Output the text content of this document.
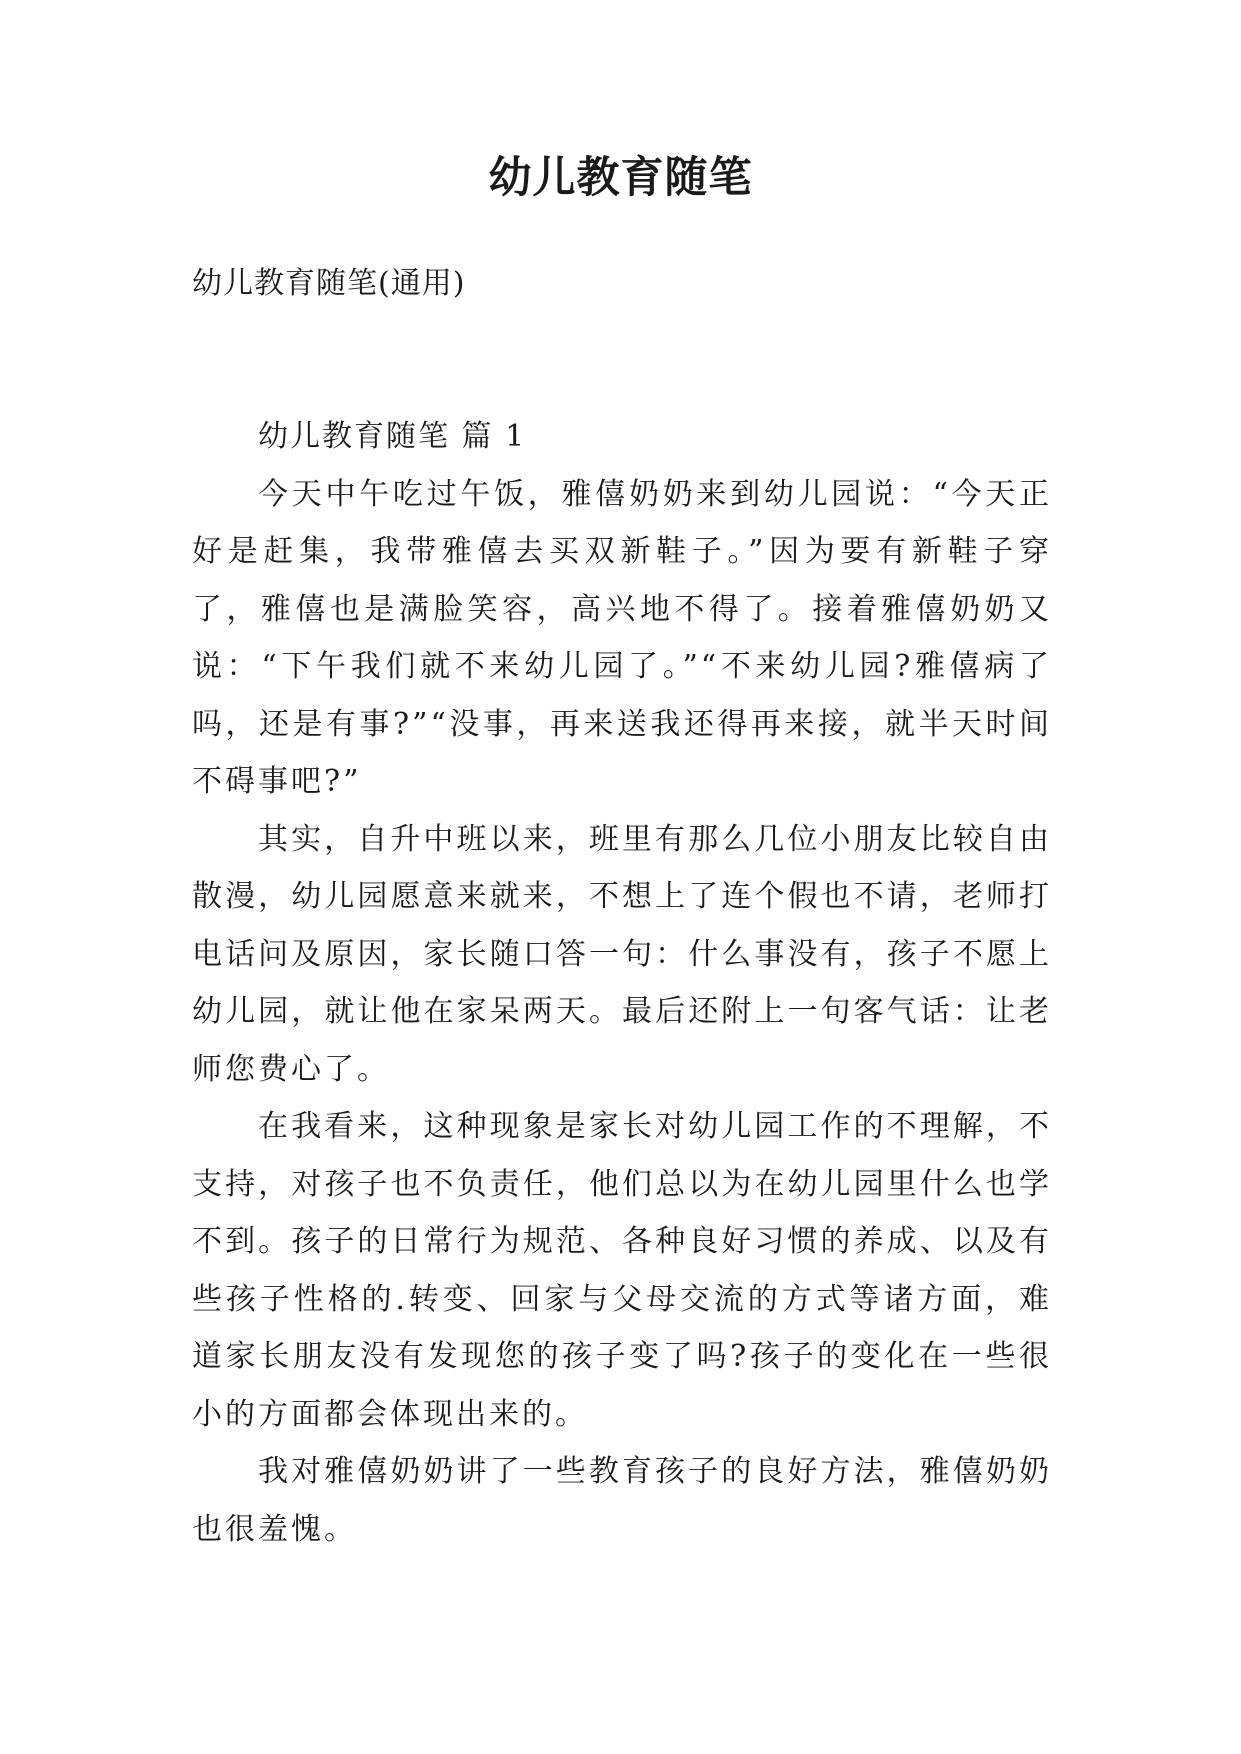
幼儿教育随笔
幼儿教育随笔(通用)
幼儿教育随笔 篇 1

今天中午吃过午饭，雅僖奶奶来到幼儿园说：“今天正好是赶集，我带雅僖去买双新鞋子。”因为要有新鞋子穿了，雅僖也是满脸笑容，高兴地不得了。接着雅僖奶奶又说：“下午我们就不来幼儿园了。”“不来幼儿园?雅僖病了吗，还是有事?”“没事，再来送我还得再来接，就半天时间不碍事吧?”

其实，自升中班以来，班里有那么几位小朋友比较自由散漫，幼儿园愿意来就来，不想上了连个假也不请，老师打电话问及原因，家长随口答一句：什么事没有，孩子不愿上幼儿园，就让他在家呆两天。最后还附上一句客气话：让老师您费心了。

在我看来，这种现象是家长对幼儿园工作的不理解，不支持，对孩子也不负责任，他们总以为在幼儿园里什么也学不到。孩子的日常行为规范、各种良好习惯的养成、以及有些孩子性格的.转变、回家与父母交流的方式等诸方面，难道家长朋友没有发现您的孩子变了吗?孩子的变化在一些很小的方面都会体现出来的。

我对雅僖奶奶讲了一些教育孩子的良好方法，雅僖奶奶也很羞愧。
